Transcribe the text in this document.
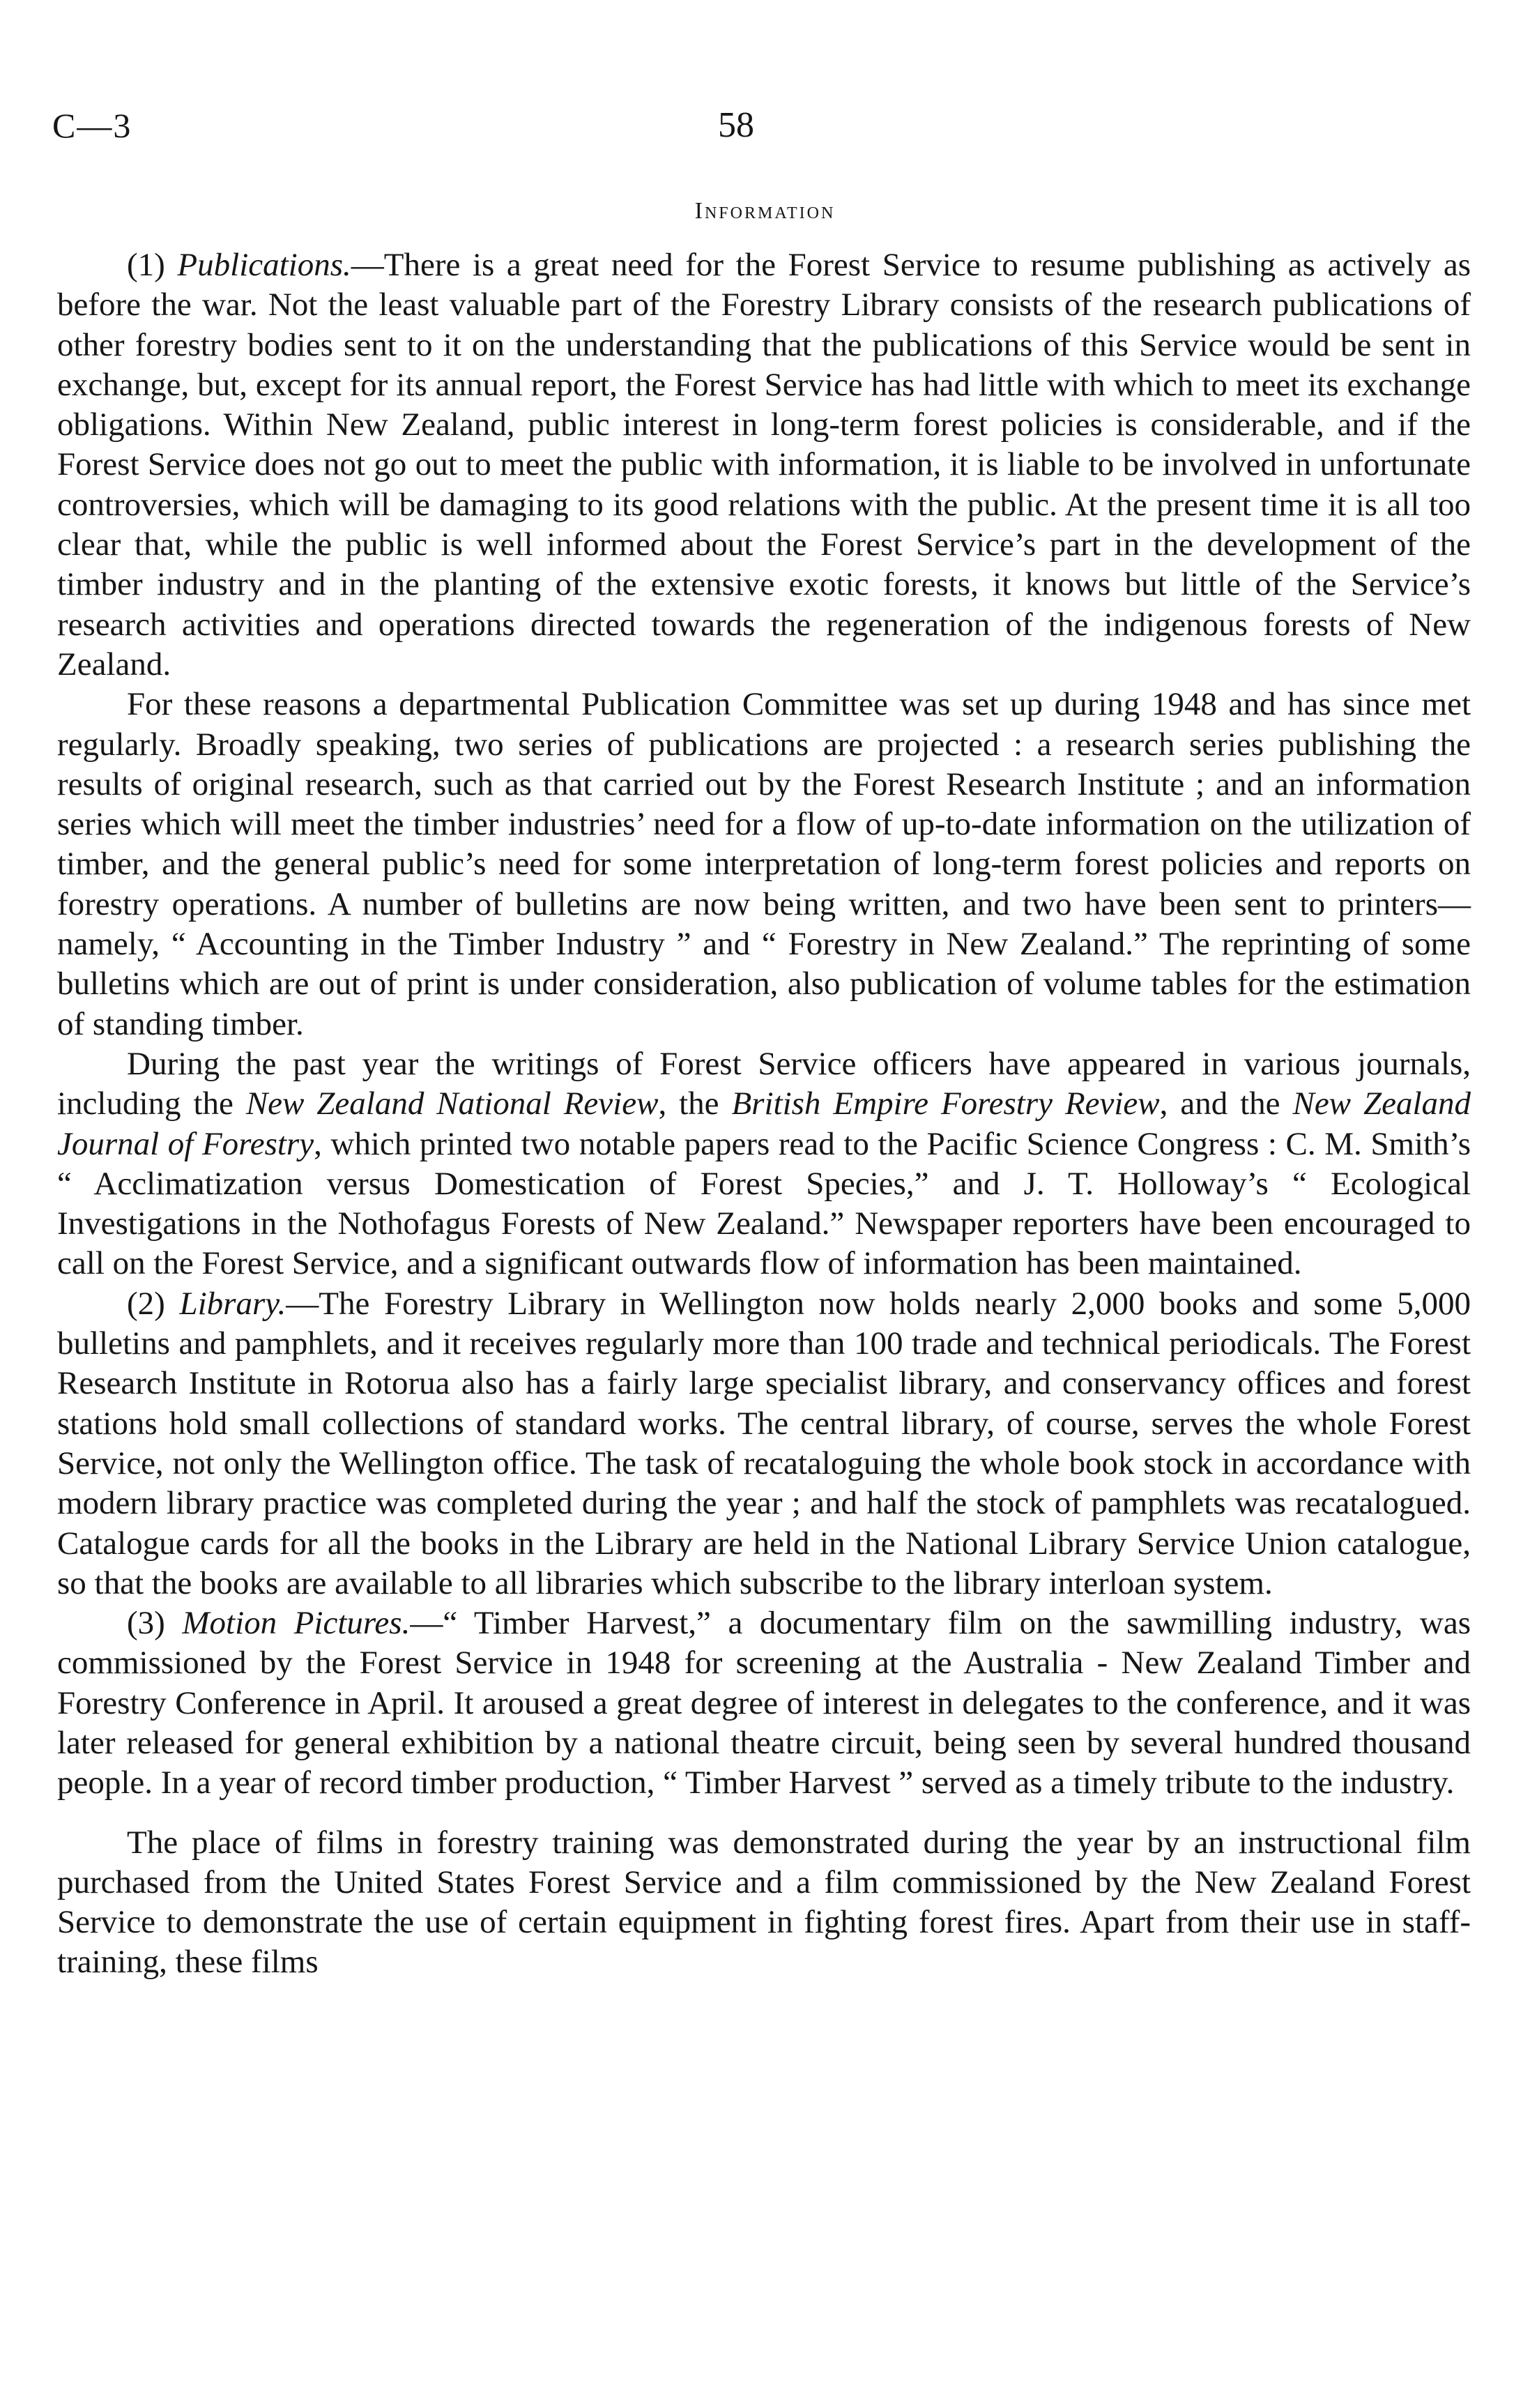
C—3	58
Information

(1) Publications.—There is a great need for the Forest Service to resume publishing as actively as before the war. Not the least valuable part of the Forestry Library consists of the research publications of other forestry bodies sent to it on the understanding that the publications of this Service would be sent in exchange, but, except for its annual report, the Forest Service has had little with which to meet its exchange obligations. Within New Zealand, public interest in long-term forest policies is considerable, and if the Forest Service does not go out to meet the public with information, it is liable to be involved in unfortunate controversies, which will be damaging to its good relations with the public. At the present time it is all too clear that, while the public is well informed about the Forest Service’s part in the development of the timber industry and in the planting of the extensive exotic forests, it knows but little of the Service’s research activities and operations directed towards the regeneration of the indigenous forests of New Zealand.

For these reasons a departmental Publication Committee was set up during 1948 and has since met regularly. Broadly speaking, two series of publications are projected : a research series publishing the results of original research, such as that carried out by the Forest Research Institute ; and an information series which will meet the timber industries’ need for a flow of up-to-date information on the utilization of timber, and the general public’s need for some interpretation of long-term forest policies and reports on forestry operations. A number of bulletins are now being written, and two have been sent to printers—namely, “ Accounting in the Timber Industry ” and “ Forestry in New Zealand.” The reprinting of some bulletins which are out of print is under consideration, also publication of volume tables for the estimation of standing timber.

During the past year the writings of Forest Service officers have appeared in various journals, including the New Zealand National Review, the British Empire Forestry Review, and the New Zealand Journal of Forestry, which printed two notable papers read to the Pacific Science Congress : C. M. Smith’s “ Acclimatization versus Domestication of Forest Species,” and J. T. Holloway’s “ Ecological Investigations in the Nothofagus Forests of New Zealand.” Newspaper reporters have been encouraged to call on the Forest Service, and a significant outwards flow of information has been maintained.

(2) Library.—The Forestry Library in Wellington now holds nearly 2,000 books and some 5,000 bulletins and pamphlets, and it receives regularly more than 100 trade and technical periodicals. The Forest Research Institute in Rotorua also has a fairly large specialist library, and conservancy offices and forest stations hold small collections of standard works. The central library, of course, serves the whole Forest Service, not only the Wellington office. The task of recataloguing the whole book stock in accordance with modern library practice was completed during the year ; and half the stock of pamphlets was recatalogued. Catalogue cards for all the books in the Library are held in the National Library Service Union catalogue, so that the books are available to all libraries which subscribe to the library interloan system.

(3) Motion Pictures.—“ Timber Harvest,” a documentary film on the sawmilling industry, was commissioned by the Forest Service in 1948 for screening at the Australia - New Zealand Timber and Forestry Conference in April. It aroused a great degree of interest in delegates to the conference, and it was later released for general exhibition by a national theatre circuit, being seen by several hundred thousand people. In a year of record timber production, “ Timber Harvest ” served as a timely tribute to the industry.

The place of films in forestry training was demonstrated during the year by an instructional film purchased from the United States Forest Service and a film commissioned by the New Zealand Forest Service to demonstrate the use of certain equipment in fighting forest fires. Apart from their use in staff-training, these films
